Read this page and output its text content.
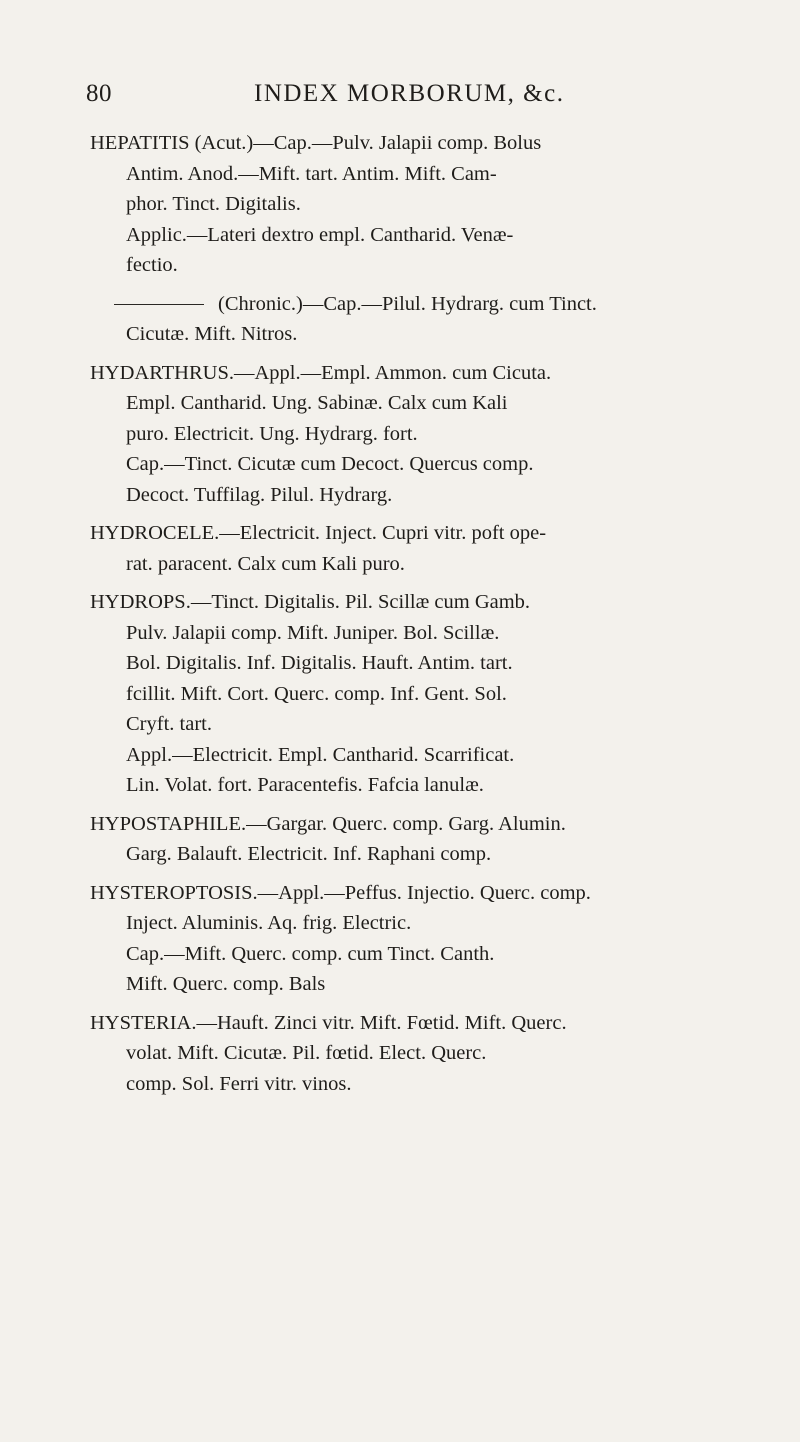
80	INDEX MORBORUM, &c.
HEPATITIS (Acut.)—Cap.—Pulv. Jalapii comp. Bolus
Antim. Anod.—Mift. tart. Antim. Mift. Cam-
phor. Tinct. Digitalis.
Applic.—Lateri dextro empl. Cantharid. Venæ-
fectio.
(Chronic.)—Cap.—Pilul. Hydrarg. cum Tinct.
Cicutæ. Mift. Nitros.
HYDARTHRUS.—Appl.—Empl. Ammon. cum Cicuta.
Empl. Cantharid. Ung. Sabinæ. Calx cum Kali
puro. Electricit. Ung. Hydrarg. fort.
Cap.—Tinct. Cicutæ cum Decoct. Quercus comp.
Decoct. Tuffilag. Pilul. Hydrarg.
HYDROCELE.—Electricit. Inject. Cupri vitr. poft ope-
rat. paracent. Calx cum Kali puro.
HYDROPS.—Tinct. Digitalis. Pil. Scillæ cum Gamb.
Pulv. Jalapii comp. Mift. Juniper. Bol. Scillæ.
Bol. Digitalis. Inf. Digitalis. Hauft. Antim. tart.
fcillit. Mift. Cort. Querc. comp. Inf. Gent. Sol.
Cryft. tart.
Appl.—Electricit. Empl. Cantharid. Scarrificat.
Lin. Volat. fort. Paracentefis. Fafcia lanulæ.
HYPOSTAPHILE.—Gargar. Querc. comp. Garg. Alumin.
Garg. Balauft. Electricit. Inf. Raphani comp.
HYSTEROPTOSIS.—Appl.—Peffus. Injectio. Querc. comp.
Inject. Aluminis. Aq. frig. Electric.
Cap.—Mift. Querc. comp. cum Tinct. Canth.
Mift. Querc. comp. Bals
HYSTERIA.—Hauft. Zinci vitr. Mift. Fœtid. Mift. Querc.
volat. Mift. Cicutæ. Pil. fœtid. Elect. Querc.
comp. Sol. Ferri vitr. vinos.
